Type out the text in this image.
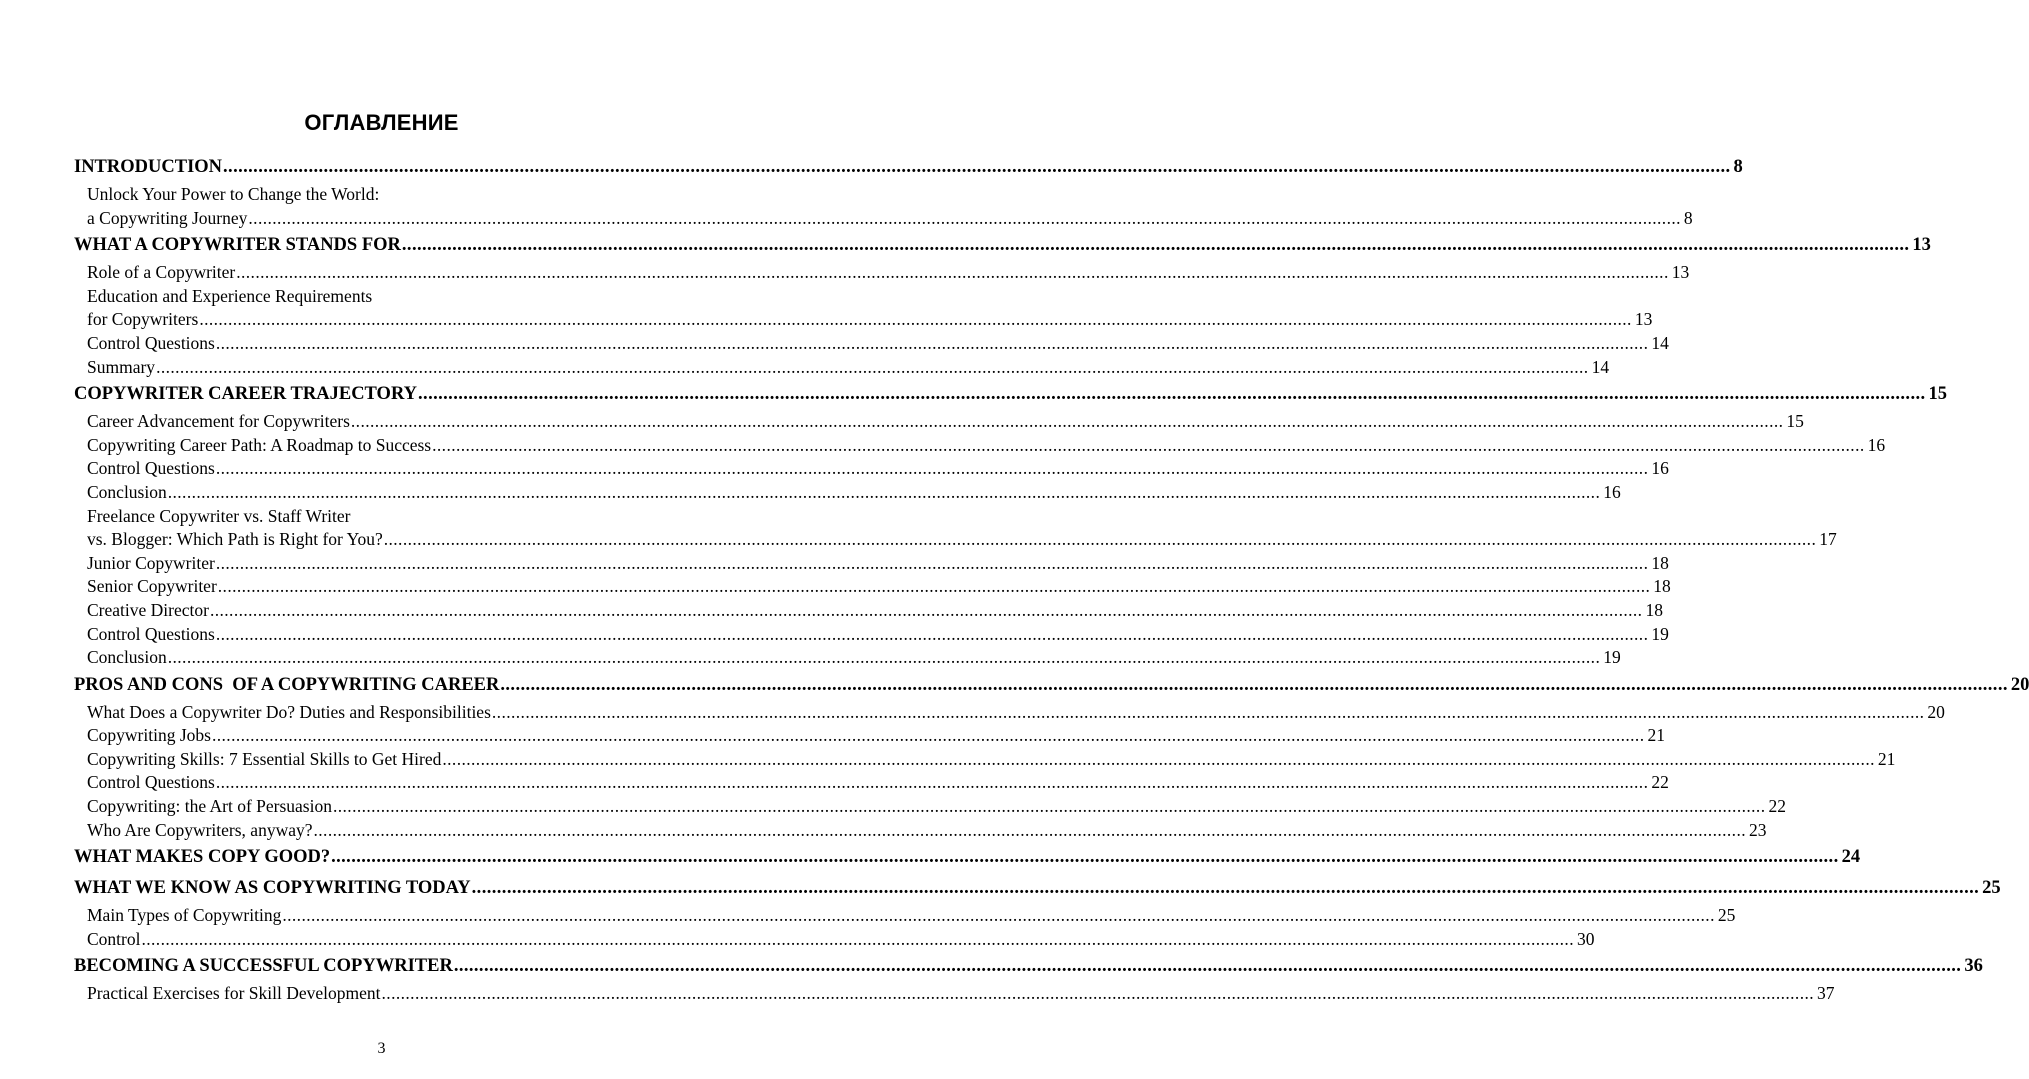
ОГЛАВЛЕНИЕ
INTRODUCTION ............................................................................................................................................................................................................................................................................................................ 8
Unlock Your Power to Change the World:
a Copywriting Journey ............................................................................................................................................................................................................................................................................................................ 8
WHAT A COPYWRITER STANDS FOR ............................................................................................................................................................................................................................................................................................................ 13
Role of a Copywriter ............................................................................................................................................................................................................................................................................................................ 13
Education and Experience Requirements
for Copywriters ............................................................................................................................................................................................................................................................................................................ 13
Control Questions ............................................................................................................................................................................................................................................................................................................ 14
Summary ............................................................................................................................................................................................................................................................................................................ 14
COPYWRITER CAREER TRAJECTORY ............................................................................................................................................................................................................................................................................................................ 15
Career Advancement for Copywriters ............................................................................................................................................................................................................................................................................................................ 15
Copywriting Career Path: A Roadmap to Success ............................................................................................................................................................................................................................................................................................................ 16
Control Questions ............................................................................................................................................................................................................................................................................................................ 16
Conclusion ............................................................................................................................................................................................................................................................................................................ 16
Freelance Copywriter vs. Staff Writer
vs. Blogger: Which Path is Right for You? ............................................................................................................................................................................................................................................................................................................ 17
Junior Copywriter ............................................................................................................................................................................................................................................................................................................ 18
Senior Copywriter ............................................................................................................................................................................................................................................................................................................ 18
Creative Director ............................................................................................................................................................................................................................................................................................................ 18
Control Questions ............................................................................................................................................................................................................................................................................................................ 19
Conclusion ............................................................................................................................................................................................................................................................................................................ 19
PROS AND CONS  OF A COPYWRITING CAREER ............................................................................................................................................................................................................................................................................................................ 20
What Does a Copywriter Do? Duties and Responsibilities ............................................................................................................................................................................................................................................................................................................ 20
Copywriting Jobs ............................................................................................................................................................................................................................................................................................................ 21
Copywriting Skills: 7 Essential Skills to Get Hired ............................................................................................................................................................................................................................................................................................................ 21
Control Questions ............................................................................................................................................................................................................................................................................................................ 22
Copywriting: the Art of Persuasion ............................................................................................................................................................................................................................................................................................................ 22
Who Are Copywriters, anyway? ............................................................................................................................................................................................................................................................................................................ 23
WHAT MAKES COPY GOOD? ............................................................................................................................................................................................................................................................................................................ 24
WHAT WE KNOW AS COPYWRITING TODAY ............................................................................................................................................................................................................................................................................................................ 25
Main Types of Copywriting ............................................................................................................................................................................................................................................................................................................ 25
Control ............................................................................................................................................................................................................................................................................................................ 30
BECOMING A SUCCESSFUL COPYWRITER ............................................................................................................................................................................................................................................................................................................ 36
Practical Exercises for Skill Development ............................................................................................................................................................................................................................................................................................................ 37
3
